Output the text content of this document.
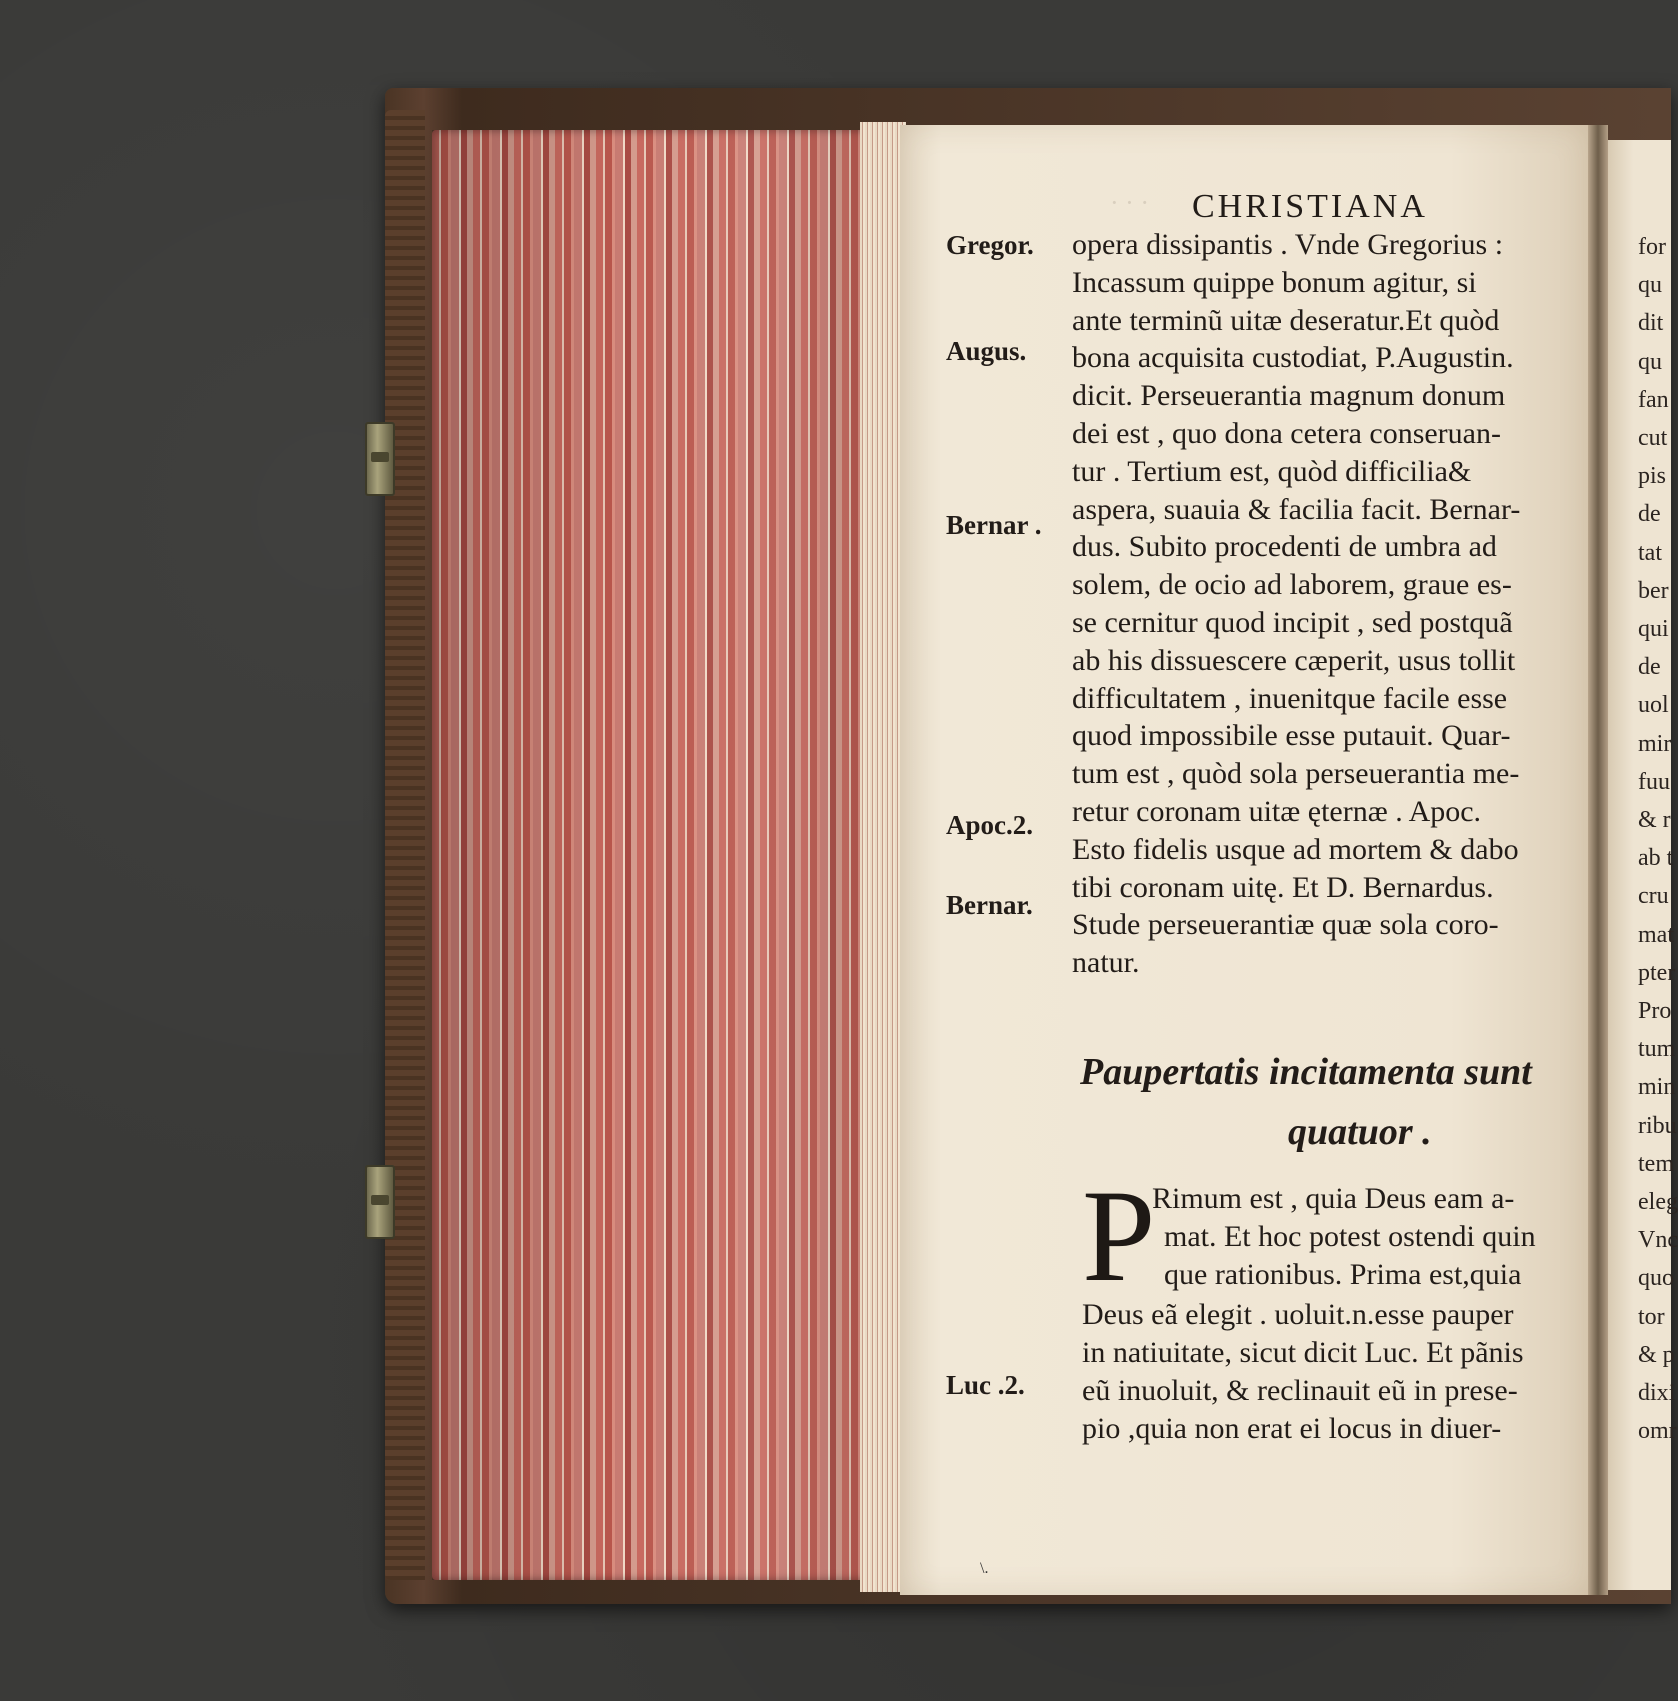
for
qu
dit
qu
fan
cut
pis
de
tat
ber
qui
de
uol
mir
fuu
& r
ab t
cru
mat
pter
Pro
tum
min
ribu
tem
eleg
Vnc
quo
tor
& p
dixi
omr
· · · CHRISTIANA
Gregor.
Augus.
Bernar .
Apoc.2.
Bernar.
Luc .2.
opera dissipantis . Vnde Gregorius :
Incassum quippe bonum agitur, si
ante terminũ uitæ deseratur.Et quòd
bona acquisita custodiat, P.Augustin.
dicit. Perseuerantia magnum donum
dei est , quo dona cetera conseruan-
tur . Tertium est, quòd difficilia&
aspera, suauia & facilia facit. Bernar-
dus. Subito procedenti de umbra ad
solem, de ocio ad laborem, graue es-
se cernitur quod incipit , sed postquã
ab his dissuescere cæperit, usus tollit
difficultatem , inuenitque facile esse
quod impossibile esse putauit. Quar-
tum est , quòd sola perseuerantia me-
retur coronam uitæ ęternæ . Apoc.
Esto fidelis usque ad mortem & dabo
tibi coronam uitę. Et D. Bernardus.
Stude perseuerantiæ quæ sola coro-
natur.
Paupertatis incitamenta sunt
quatuor .
P
Rimum est , quia Deus eam a-
mat. Et hoc potest ostendi quin
que rationibus. Prima est,quia
Deus eã elegit . uoluit.n.esse pauper
in natiuitate, sicut dicit Luc. Et pãnis
eũ inuoluit, & reclinauit eũ in prese-
pio ,quia non erat ei locus in diuer-
\.
